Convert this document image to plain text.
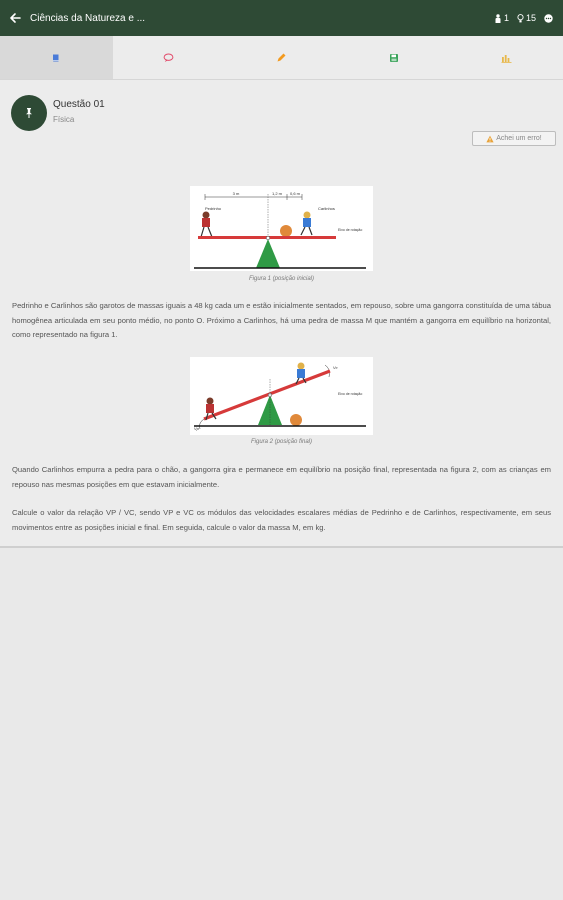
Ciências da Natureza e ...	1 15
Questão 01
Física
Achei um erro!
3 m	1,2 m 0,6 m
Pedrinho	Carlinhos
Eixo de rotação
Figura 1 (posição inicial)

Pedrinho e Carlinhos são garotos de massas iguais a 48 kg cada um e estão inicialmente sentados, em repouso, sobre uma gangorra constituída de uma tábua homogênea articulada em seu ponto médio, no ponto O. Próximo a Carlinhos, há uma pedra de massa M que mantém a gangorra em equilíbrio na horizontal, como representado na figura 1.

Eixo de rotação
Vc
Vp
Figura 2 (posição final)

Quando Carlinhos empurra a pedra para o chão, a gangorra gira e permanece em equilíbrio na posição final, representada na figura 2, com as crianças em repouso nas mesmas posições em que estavam inicialmente.

Calcule o valor da relação VP / VC, sendo VP e VC os módulos das velocidades escalares médias de Pedrinho e de Carlinhos, respectivamente, em seus movimentos entre as posições inicial e final. Em seguida, calcule o valor da massa M, em kg.
